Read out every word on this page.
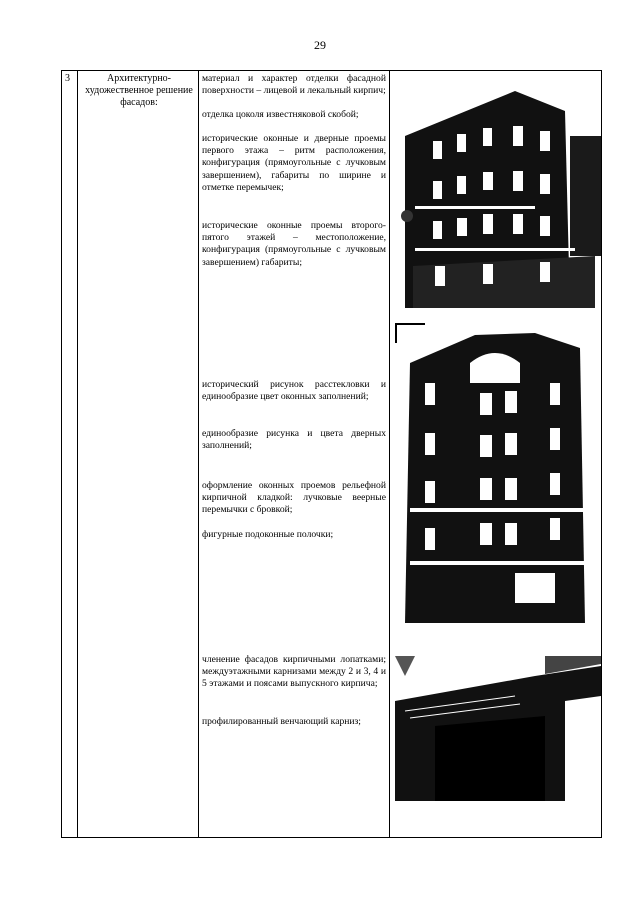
29
3	Архитектурно-художественное решение фасадов:
материал и характер отделки фасадной поверхности – лицевой и лекальный кирпич;
отделка цоколя известняковой скобой;
исторические оконные и дверные проемы первого этажа – ритм расположения, конфигурация (прямоугольные с лучковым завершением), габариты по ширине и отметке перемычек;
исторические оконные проемы второго-пятого этажей – местоположение, конфигурация (прямоугольные с лучковым завершением) габариты;
исторический рисунок расстекловки и единообразие цвет оконных заполнений;
единообразие рисунка и цвета дверных заполнений;
оформление оконных проемов рельефной кирпичной кладкой: лучковые веерные перемычки с бровкой;
фигурные подоконные полочки;
членение фасадов кирпичными лопатками; междуэтажными карнизами между 2 и 3, 4 и 5 этажами и поясами выпускного кирпича;
профилированный венчающий карниз;
